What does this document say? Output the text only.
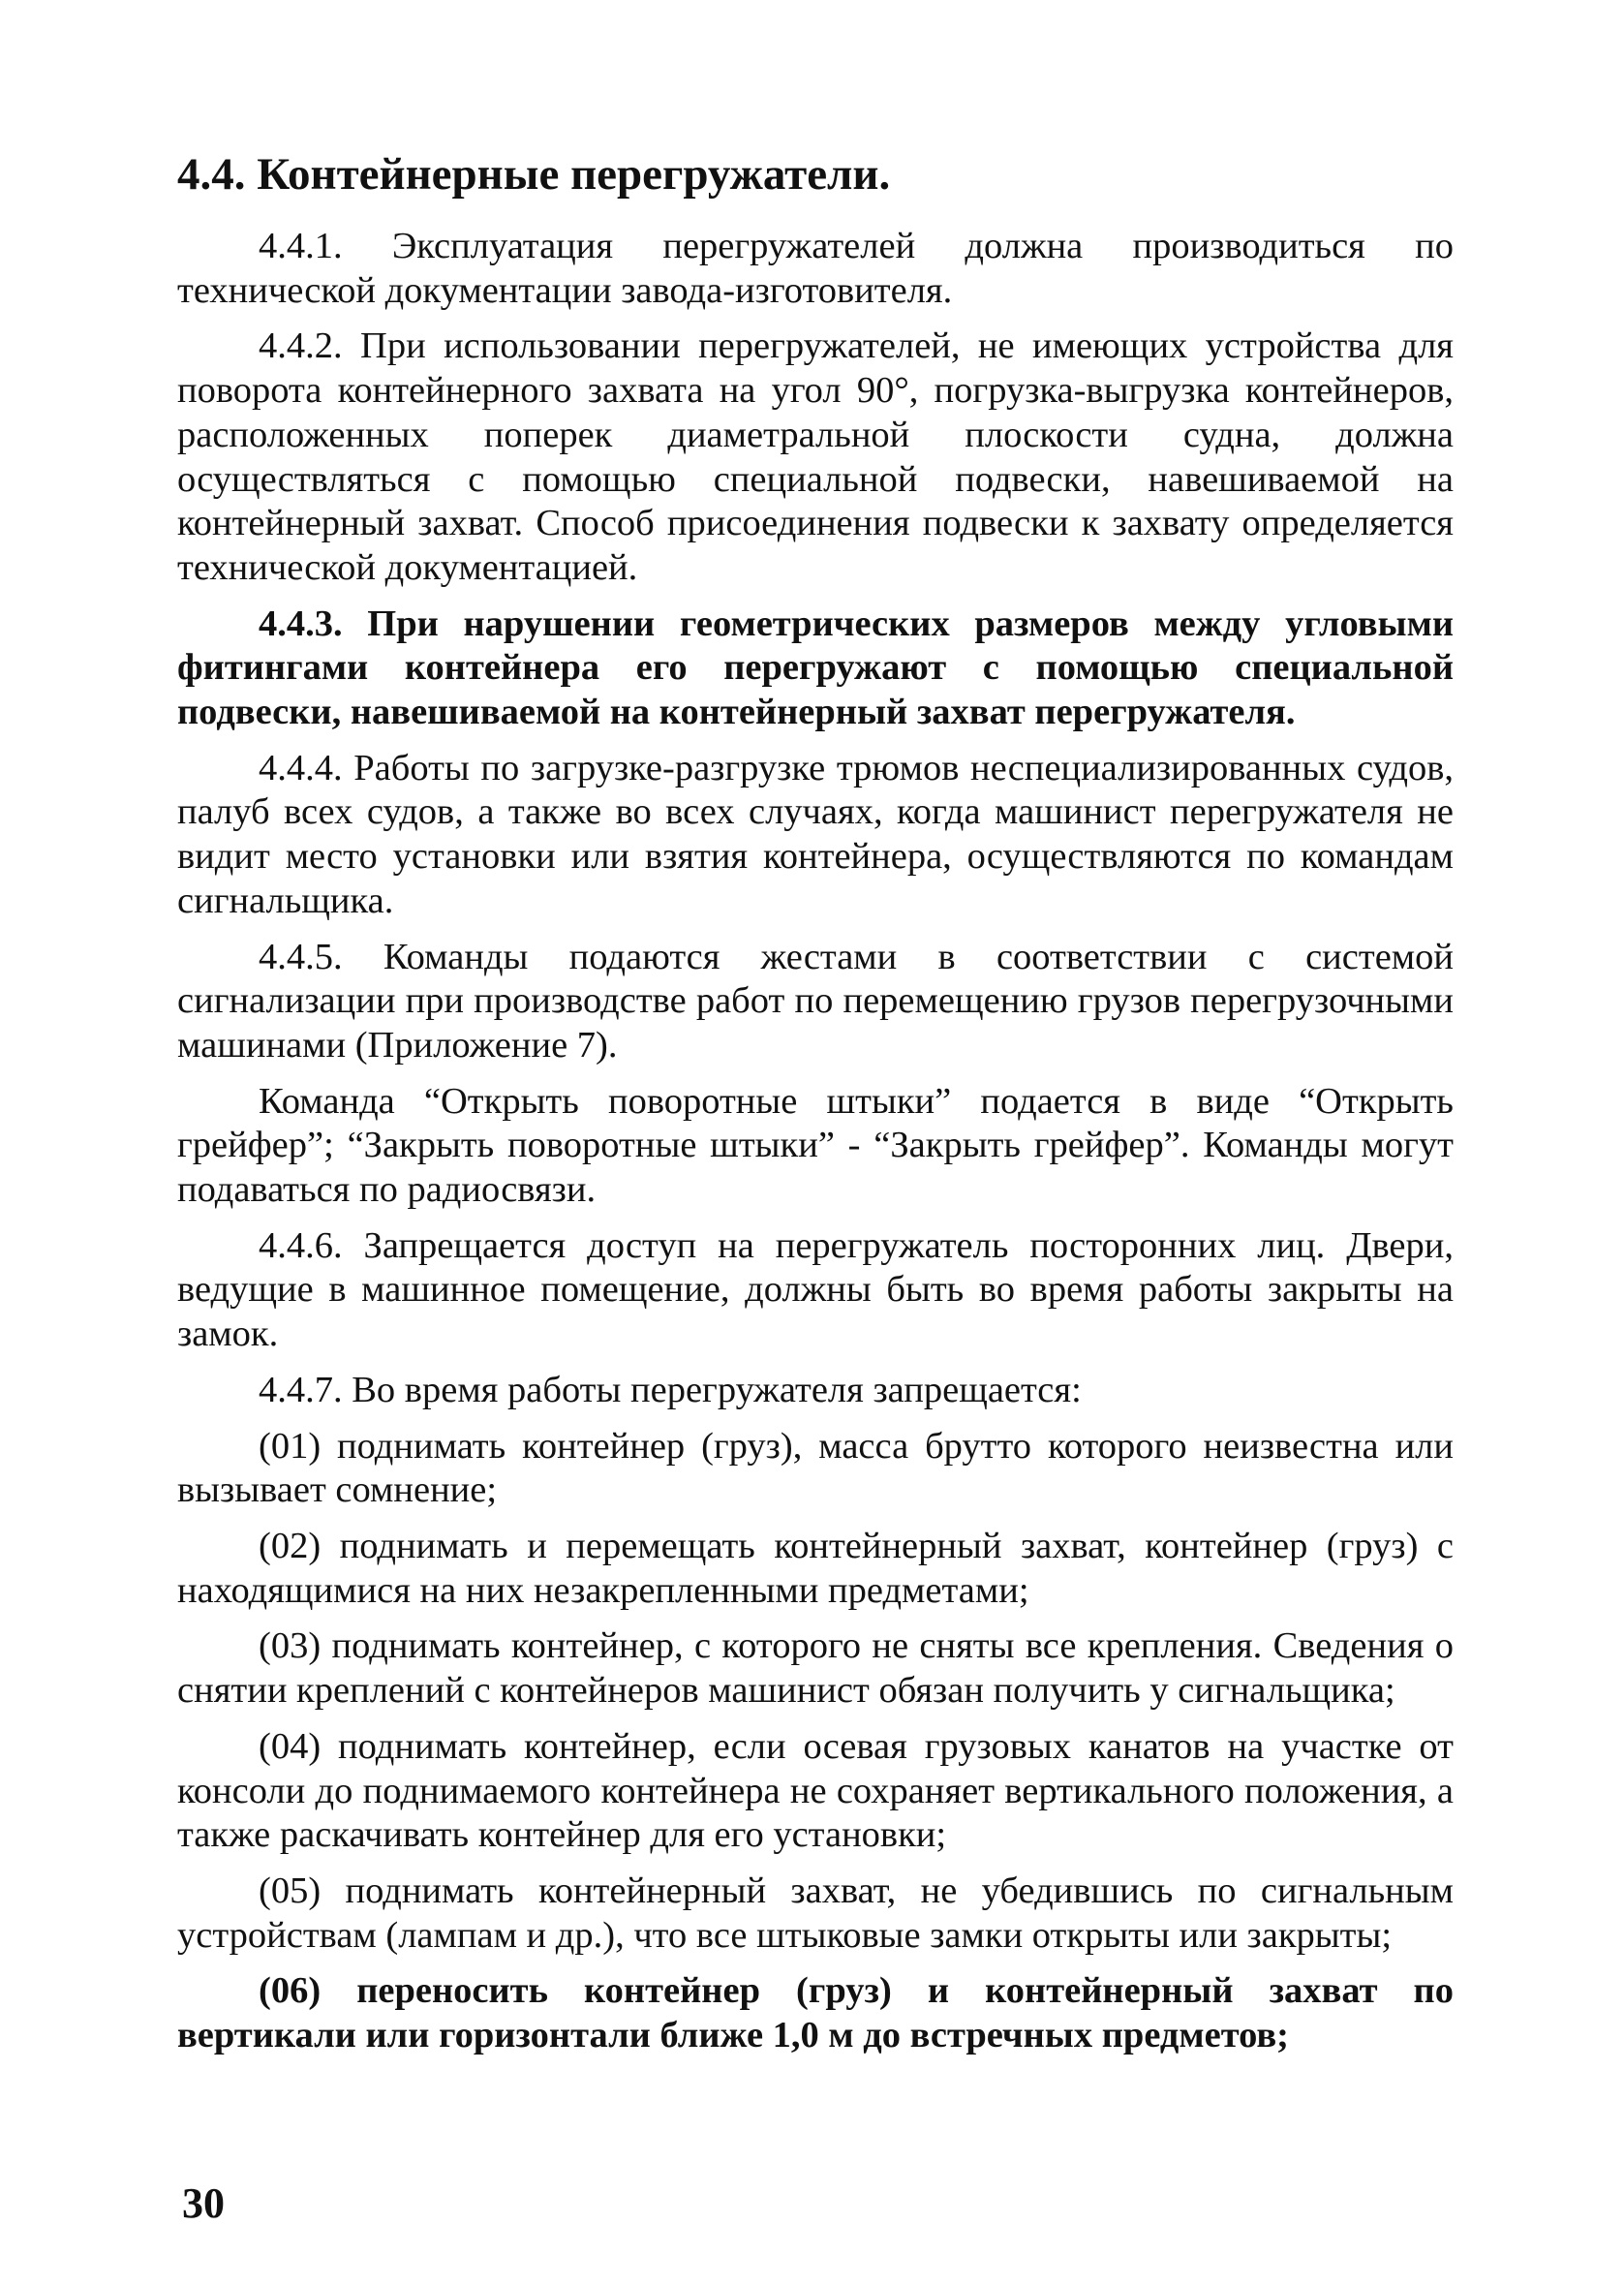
4.4. Контейнерные перегружатели.

4.4.1. Эксплуатация перегружателей должна производиться по технической документации завода-изготовителя.

4.4.2. При использовании перегружателей, не имеющих устройства для поворота контейнерного захвата на угол 90°, погрузка-выгрузка контейнеров, расположенных поперек диаметральной плоскости судна, должна осуществляться с помощью специальной подвески, навешиваемой на контейнерный захват. Способ присоединения подвески к захвату определяется технической документацией.

4.4.3. При нарушении геометрических размеров между угловыми фитингами контейнера его перегружают с помощью специальной подвески, навешиваемой на контейнерный захват перегружателя.

4.4.4. Работы по загрузке-разгрузке трюмов неспециализированных судов, палуб всех судов, а также во всех случаях, когда машинист перегружателя не видит место установки или взятия контейнера, осуществляются по командам сигнальщика.

4.4.5. Команды подаются жестами в соответствии с системой сигнализации при производстве работ по перемещению грузов перегрузочными машинами (Приложение 7).

Команда “Открыть поворотные штыки” подается в виде “Открыть грейфер”; “Закрыть поворотные штыки” - “Закрыть грейфер”. Команды могут подаваться по радиосвязи.

4.4.6. Запрещается доступ на перегружатель посторонних лиц. Двери, ведущие в машинное помещение, должны быть во время работы закрыты на замок.

4.4.7. Во время работы перегружателя запрещается:

(01) поднимать контейнер (груз), масса брутто которого неизвестна или вызывает сомнение;

(02) поднимать и перемещать контейнерный захват, контейнер (груз) с находящимися на них незакрепленными предметами;

(03) поднимать контейнер, с которого не сняты все крепления. Сведения о снятии креплений с контейнеров машинист обязан получить у сигнальщика;

(04) поднимать контейнер, если осевая грузовых канатов на участке от консоли до поднимаемого контейнера не сохраняет вертикального положения, а также раскачивать контейнер для его установки;

(05) поднимать контейнерный захват, не убедившись по сигнальным устройствам (лампам и др.), что все штыковые замки открыты или закрыты;

(06) переносить контейнер (груз) и контейнерный захват по вертикали или горизонтали ближе 1,0 м до встречных предметов;

30
